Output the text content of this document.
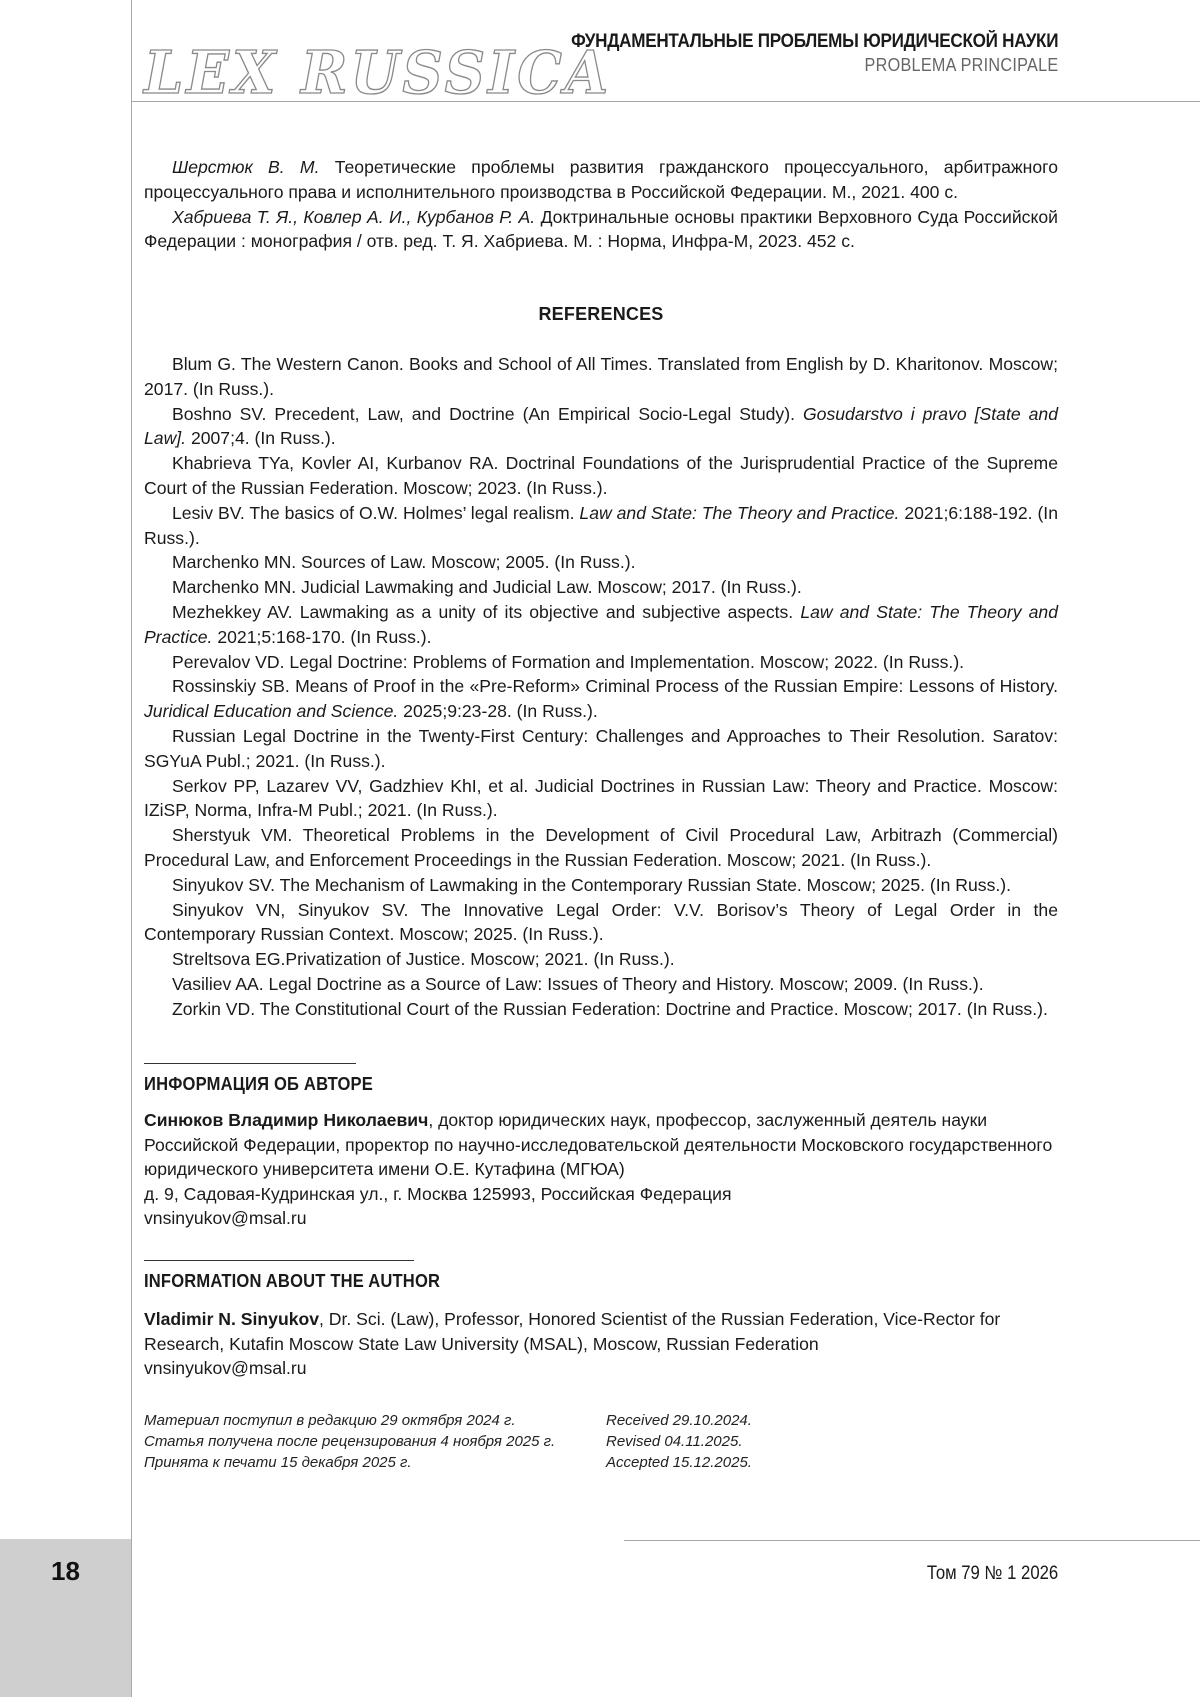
18
LEX RUSSICA
ФУНДАМЕНТАЛЬНЫЕ ПРОБЛЕМЫ ЮРИДИЧЕСКОЙ НАУКИ
PROBLEMA PRINCIPALE

Шерстюк В. М. Теоретические проблемы развития гражданского процессуального, арбитражного процессуального права и исполнительного производства в Российской Федерации. М., 2021. 400 с.

Хабриева Т. Я., Ковлер А. И., Курбанов Р. А. Доктринальные основы практики Верховного Суда Российской Федерации : монография / отв. ред. Т. Я. Хабриева. М. : Норма, Инфра-М, 2023. 452 с.

REFERENCES

Blum G. The Western Canon. Books and School of All Times. Translated from English by D. Kharitonov. Moscow; 2017. (In Russ.).

Boshno SV. Precedent, Law, and Doctrine (An Empirical Socio-Legal Study). Gosudarstvo i pravo [State and Law]. 2007;4. (In Russ.).

Khabrieva TYa, Kovler AI, Kurbanov RA. Doctrinal Foundations of the Jurisprudential Practice of the Supreme Court of the Russian Federation. Moscow; 2023. (In Russ.).

Lesiv BV. The basics of O.W. Holmes’ legal realism. Law and State: The Theory and Practice. 2021;6:188-192. (In Russ.).

Marchenko MN. Sources of Law. Moscow; 2005. (In Russ.).

Marchenko MN. Judicial Lawmaking and Judicial Law. Moscow; 2017. (In Russ.).

Mezhekkey AV. Lawmaking as a unity of its objective and subjective aspects. Law and State: The Theory and Practice. 2021;5:168-170. (In Russ.).

Perevalov VD. Legal Doctrine: Problems of Formation and Implementation. Moscow; 2022. (In Russ.).

Rossinskiy SB. Means of Proof in the «Pre-Reform» Criminal Process of the Russian Empire: Lessons of History. Juridical Education and Science. 2025;9:23-28. (In Russ.).

Russian Legal Doctrine in the Twenty-First Century: Challenges and Approaches to Their Resolution. Saratov: SGYuA Publ.; 2021. (In Russ.).

Serkov PP, Lazarev VV, Gadzhiev KhI, et al. Judicial Doctrines in Russian Law: Theory and Practice. Moscow: IZiSP, Norma, Infra-M Publ.; 2021. (In Russ.).

Sherstyuk VM. Theoretical Problems in the Development of Civil Procedural Law, Arbitrazh (Commercial) Procedural Law, and Enforcement Proceedings in the Russian Federation. Moscow; 2021. (In Russ.).

Sinyukov SV. The Mechanism of Lawmaking in the Contemporary Russian State. Moscow; 2025. (In Russ.).

Sinyukov VN, Sinyukov SV. The Innovative Legal Order: V.V. Borisov’s Theory of Legal Order in the Contemporary Russian Context. Moscow; 2025. (In Russ.).

Streltsova EG.Privatization of Justice. Moscow; 2021. (In Russ.).

Vasiliev AA. Legal Doctrine as a Source of Law: Issues of Theory and History. Moscow; 2009. (In Russ.).

Zorkin VD. The Constitutional Court of the Russian Federation: Doctrine and Practice. Moscow; 2017. (In Russ.).

ИНФОРМАЦИЯ ОБ АВТОРЕ

Синюков Владимир Николаевич, доктор юридических наук, профессор, заслуженный деятель науки Российской Федерации, проректор по научно-исследовательской деятельности Московского государственного юридического университета имени О.Е. Кутафина (МГЮА)

д. 9, Садовая-Кудринская ул., г. Москва 125993, Российская Федерация

vnsinyukov@msal.ru

INFORMATION ABOUT THE AUTHOR

Vladimir N. Sinyukov, Dr. Sci. (Law), Professor, Honored Scientist of the Russian Federation, Vice-Rector for Research, Kutafin Moscow State Law University (MSAL), Moscow, Russian Federation

vnsinyukov@msal.ru

Материал поступил в редакцию 29 октября 2024 г.

Статья получена после рецензирования 4 ноября 2025 г.

Принята к печати 15 декабря 2025 г.

Received 29.10.2024.

Revised 04.11.2025.

Accepted 15.12.2025.

Том 79 № 1 2026
